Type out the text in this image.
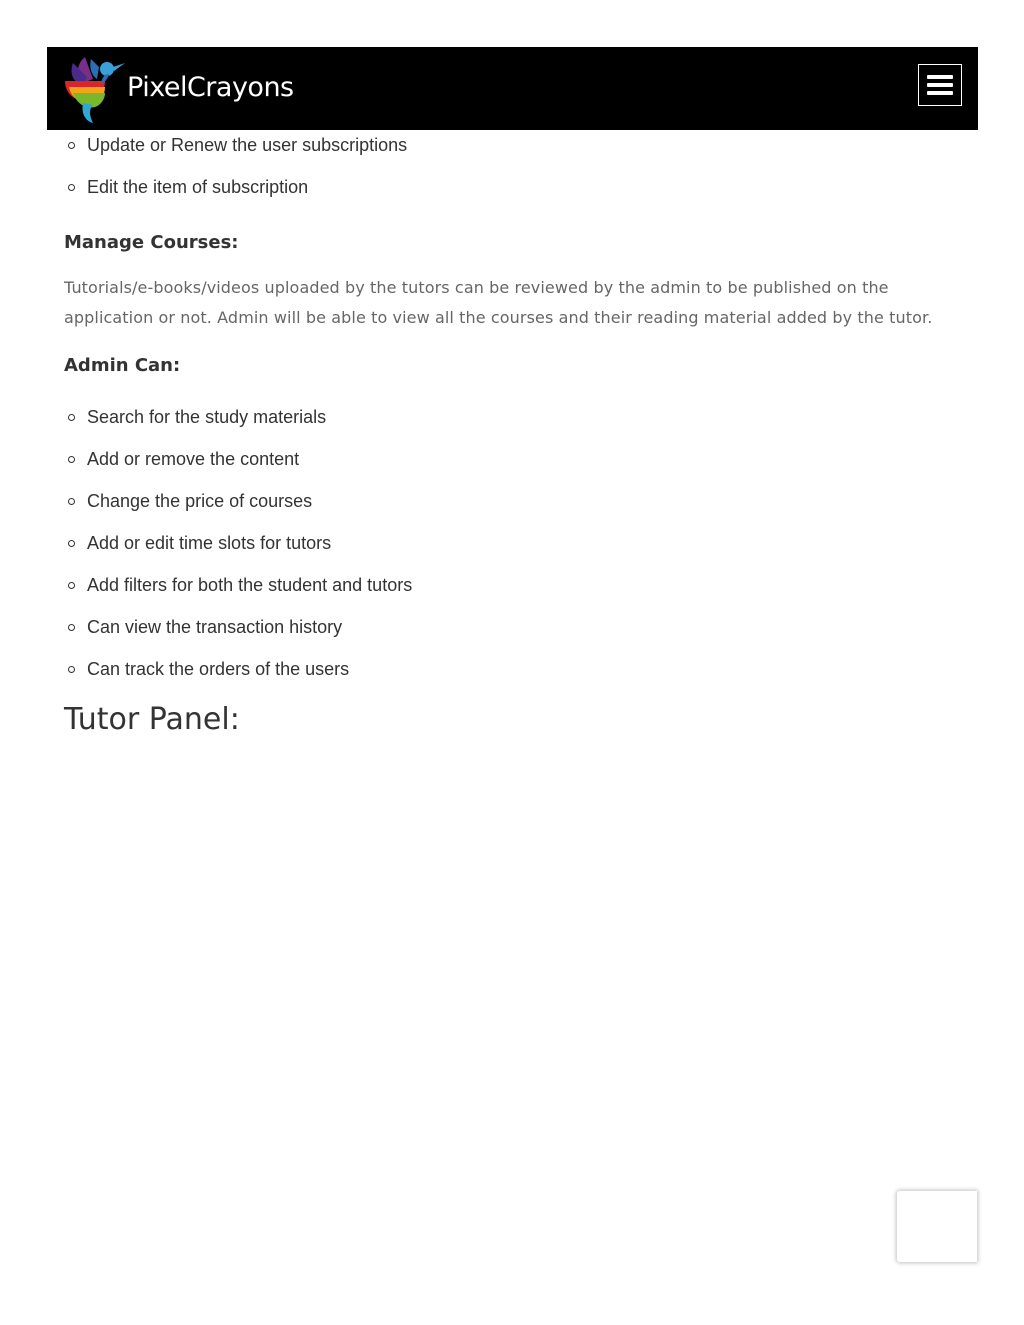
PixelCrayons
Update or Renew the user subscriptions
Edit the item of subscription
Manage Courses:

Tutorials/e-books/videos uploaded by the tutors can be reviewed by the admin to be published on the application or not. Admin will be able to view all the courses and their reading material added by the tutor.

Admin Can:
Search for the study materials
Add or remove the content
Change the price of courses
Add or edit time slots for tutors
Add filters for both the student and tutors
Can view the transaction history
Can track the orders of the users
Tutor Panel:
